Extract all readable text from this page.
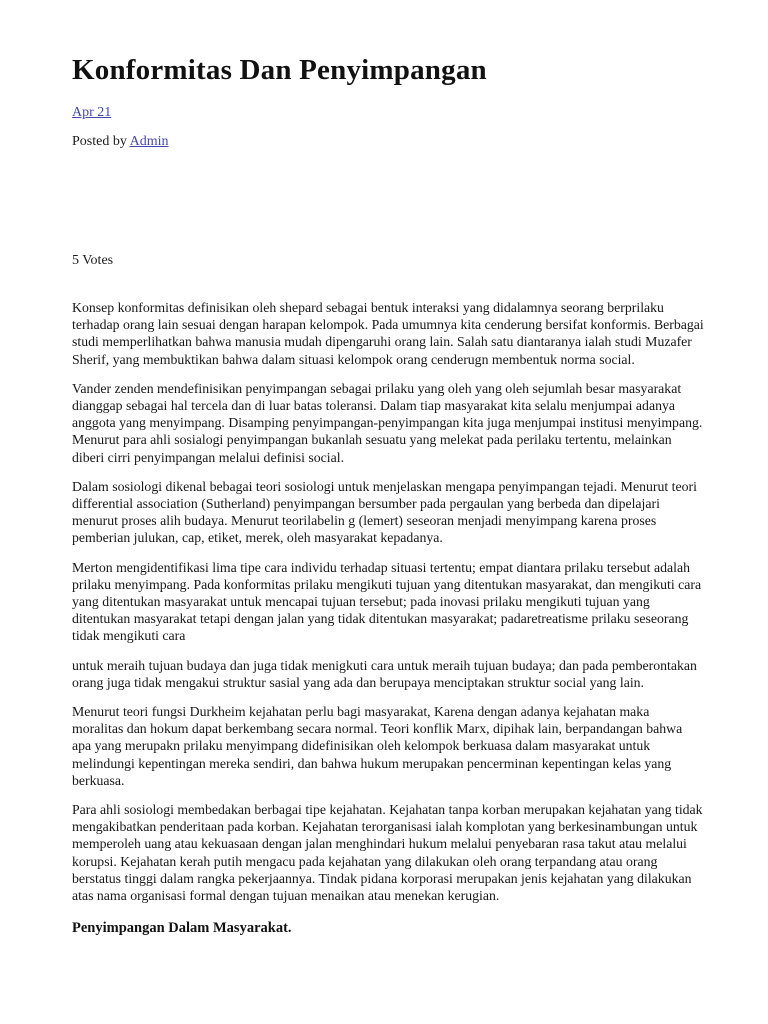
Konformitas Dan Penyimpangan
Apr 21
Posted by Admin
5 Votes

Konsep konformitas definisikan oleh shepard sebagai bentuk interaksi yang didalamnya seorang berprilaku terhadap orang lain sesuai dengan harapan kelompok. Pada umumnya kita cenderung bersifat konformis. Berbagai studi memperlihatkan bahwa manusia mudah dipengaruhi orang lain. Salah satu diantaranya ialah studi Muzafer Sherif, yang membuktikan bahwa dalam situasi kelompok orang cenderugn membentuk norma social.

Vander zenden mendefinisikan penyimpangan sebagai prilaku yang oleh yang oleh sejumlah besar masyarakat dianggap sebagai hal tercela dan di luar batas toleransi. Dalam tiap masyarakat kita selalu menjumpai adanya anggota yang menyimpang. Disamping penyimpangan-penyimpangan kita juga menjumpai institusi menyimpang. Menurut para ahli sosialogi penyimpangan bukanlah sesuatu yang melekat pada perilaku tertentu, melainkan diberi cirri penyimpangan melalui definisi social.

Dalam sosiologi dikenal bebagai teori sosiologi untuk menjelaskan mengapa penyimpangan tejadi. Menurut teori differential association (Sutherland) penyimpangan bersumber pada pergaulan yang berbeda dan dipelajari menurut proses alih budaya. Menurut teorilabelin g (lemert) seseoran menjadi menyimpang karena proses pemberian julukan, cap, etiket, merek, oleh masyarakat kepadanya.

Merton mengidentifikasi lima tipe cara individu terhadap situasi tertentu; empat diantara prilaku tersebut adalah prilaku menyimpang. Pada konformitas prilaku mengikuti tujuan yang ditentukan masyarakat, dan mengikuti cara yang ditentukan masyarakat untuk mencapai tujuan tersebut; pada inovasi prilaku mengikuti tujuan yang ditentukan masyarakat tetapi dengan jalan yang tidak ditentukan masyarakat; padaretreatisme prilaku seseorang tidak mengikuti cara

untuk meraih tujuan budaya dan juga tidak menigkuti cara untuk meraih tujuan budaya; dan pada pemberontakan orang juga tidak mengakui struktur sasial yang ada dan berupaya menciptakan struktur social yang lain.

Menurut teori fungsi Durkheim kejahatan perlu bagi masyarakat, Karena dengan adanya kejahatan maka moralitas dan hokum dapat berkembang secara normal. Teori konflik Marx, dipihak lain, berpandangan bahwa apa yang merupakn prilaku menyimpang didefinisikan oleh kelompok berkuasa dalam masyarakat untuk melindungi kepentingan mereka sendiri, dan bahwa hukum merupakan pencerminan kepentingan kelas yang berkuasa.

Para ahli sosiologi membedakan berbagai tipe kejahatan. Kejahatan tanpa korban merupakan kejahatan yang tidak mengakibatkan penderitaan pada korban. Kejahatan terorganisasi ialah komplotan yang berkesinambungan untuk memperoleh uang atau kekuasaan dengan jalan menghindari hukum melalui penyebaran rasa takut atau melalui korupsi. Kejahatan kerah putih mengacu pada kejahatan yang dilakukan oleh orang terpandang atau orang berstatus tinggi dalam rangka pekerjaannya. Tindak pidana korporasi merupakan jenis kejahatan yang dilakukan atas nama organisasi formal dengan tujuan menaikan atau menekan kerugian.

Penyimpangan Dalam Masyarakat.
